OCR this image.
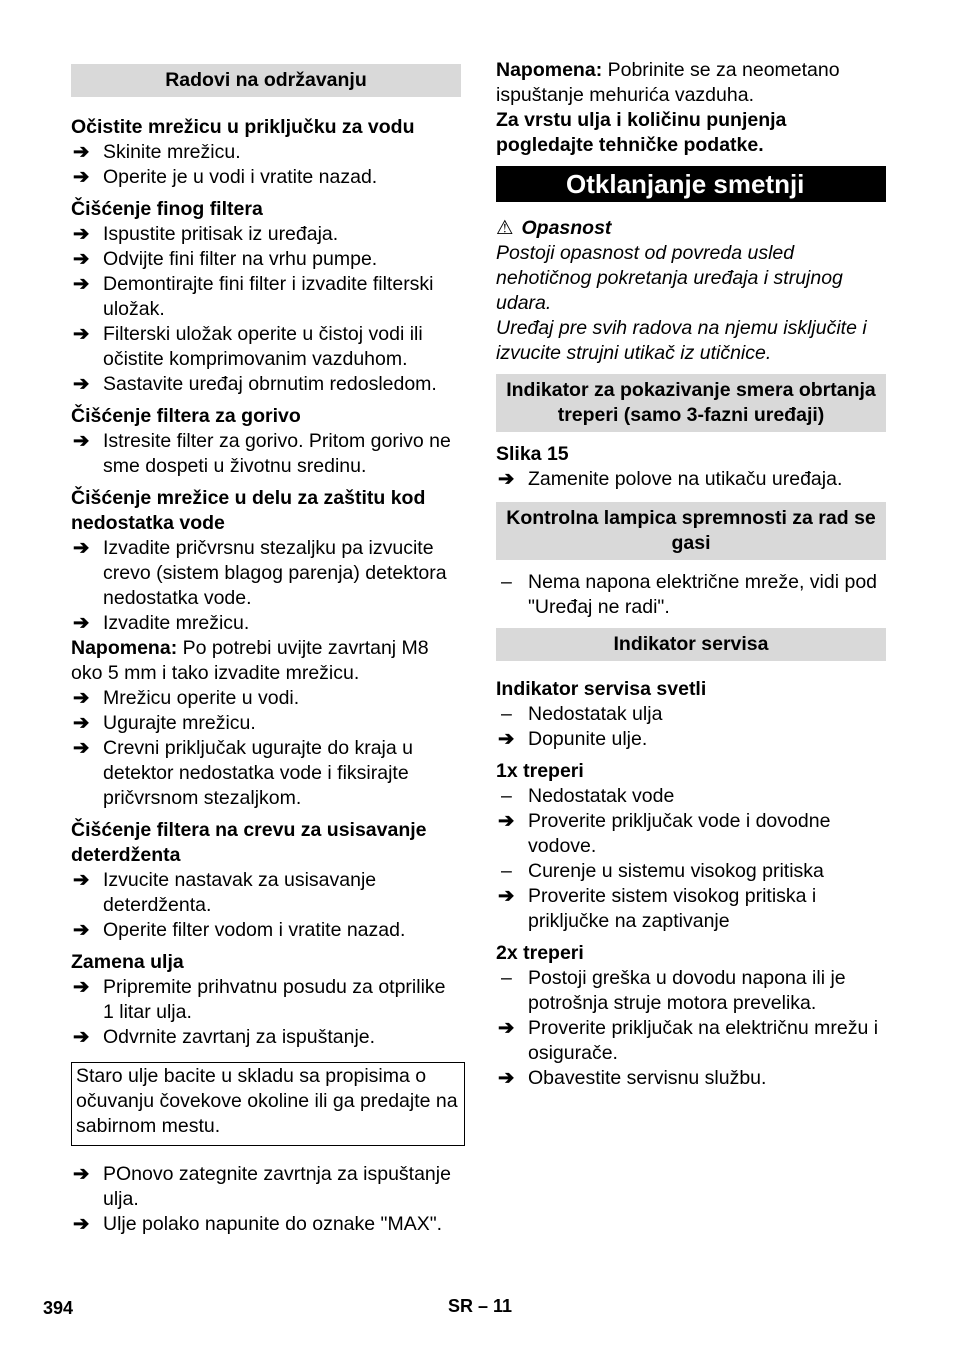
Radovi na održavanju
Očistite mrežicu u priključku za vodu
➔ Skinite mrežicu.
➔ Operite je u vodi i vratite nazad.
Čišćenje finog filtera
➔ Ispustite pritisak iz uređaja.
➔ Odvijte fini filter na vrhu pumpe.
➔ Demontirajte fini filter i izvadite filterski uložak.
➔ Filterski uložak operite u čistoj vodi ili očistite komprimovanim vazduhom.
➔ Sastavite uređaj obrnutim redosledom.
Čišćenje filtera za gorivo
➔ Istresite filter za gorivo. Pritom gorivo ne sme dospeti u životnu sredinu.
Čišćenje mrežice u delu za zaštitu kod nedostatka vode
➔ Izvadite pričvrsnu stezaljku pa izvucite crevo (sistem blagog parenja) detektora nedostatka vode.
➔ Izvadite mrežicu.
Napomena: Po potrebi uvijte zavrtanj M8 oko 5 mm i tako izvadite mrežicu.
➔ Mrežicu operite u vodi.
➔ Ugurajte mrežicu.
➔ Crevni priključak ugurajte do kraja u detektor nedostatka vode i fiksirajte pričvrsnom stezaljkom.
Čišćenje filtera na crevu za usisavanje deterdženta
➔ Izvucite nastavak za usisavanje deterdženta.
➔ Operite filter vodom i vratite nazad.
Zamena ulja
➔ Pripremite prihvatnu posudu za otprilike 1 litar ulja.
➔ Odvrnite zavrtanj za ispuštanje.
Staro ulje bacite u skladu sa propisima o očuvanju čovekove okoline ili ga predajte na sabirnom mestu.
➔ POnovo zategnite zavrtnja za ispuštanje ulja.
➔ Ulje polako napunite do oznake "MAX".
Napomena: Pobrinite se za neometano ispuštanje mehurića vazduha.
Za vrstu ulja i količinu punjenja pogledajte tehničke podatke.
Otklanjanje smetnji
⚠ Opasnost
Postoji opasnost od povreda usled nehotičnog pokretanja uređaja i strujnog udara.
Uređaj pre svih radova na njemu isključite i izvucite strujni utikač iz utičnice.
Indikator za pokazivanje smera obrtanja treperi (samo 3-fazni uređaji)
Slika 15
➔ Zamenite polove na utikaču uređaja.
Kontrolna lampica spremnosti za rad se gasi
– Nema napona električne mreže, vidi pod "Uređaj ne radi".
Indikator servisa
Indikator servisa svetli
– Nedostatak ulja
➔ Dopunite ulje.
1x treperi
– Nedostatak vode
➔ Proverite priključak vode i dovodne vodove.
– Curenje u sistemu visokog pritiska
➔ Proverite sistem visokog pritiska i priključke na zaptivanje
2x treperi
– Postoji greška u dovodu napona ili je potrošnja struje motora prevelika.
➔ Proverite priključak na električnu mrežu i osigurače.
➔ Obavestite servisnu službu.
394	SR – 11
